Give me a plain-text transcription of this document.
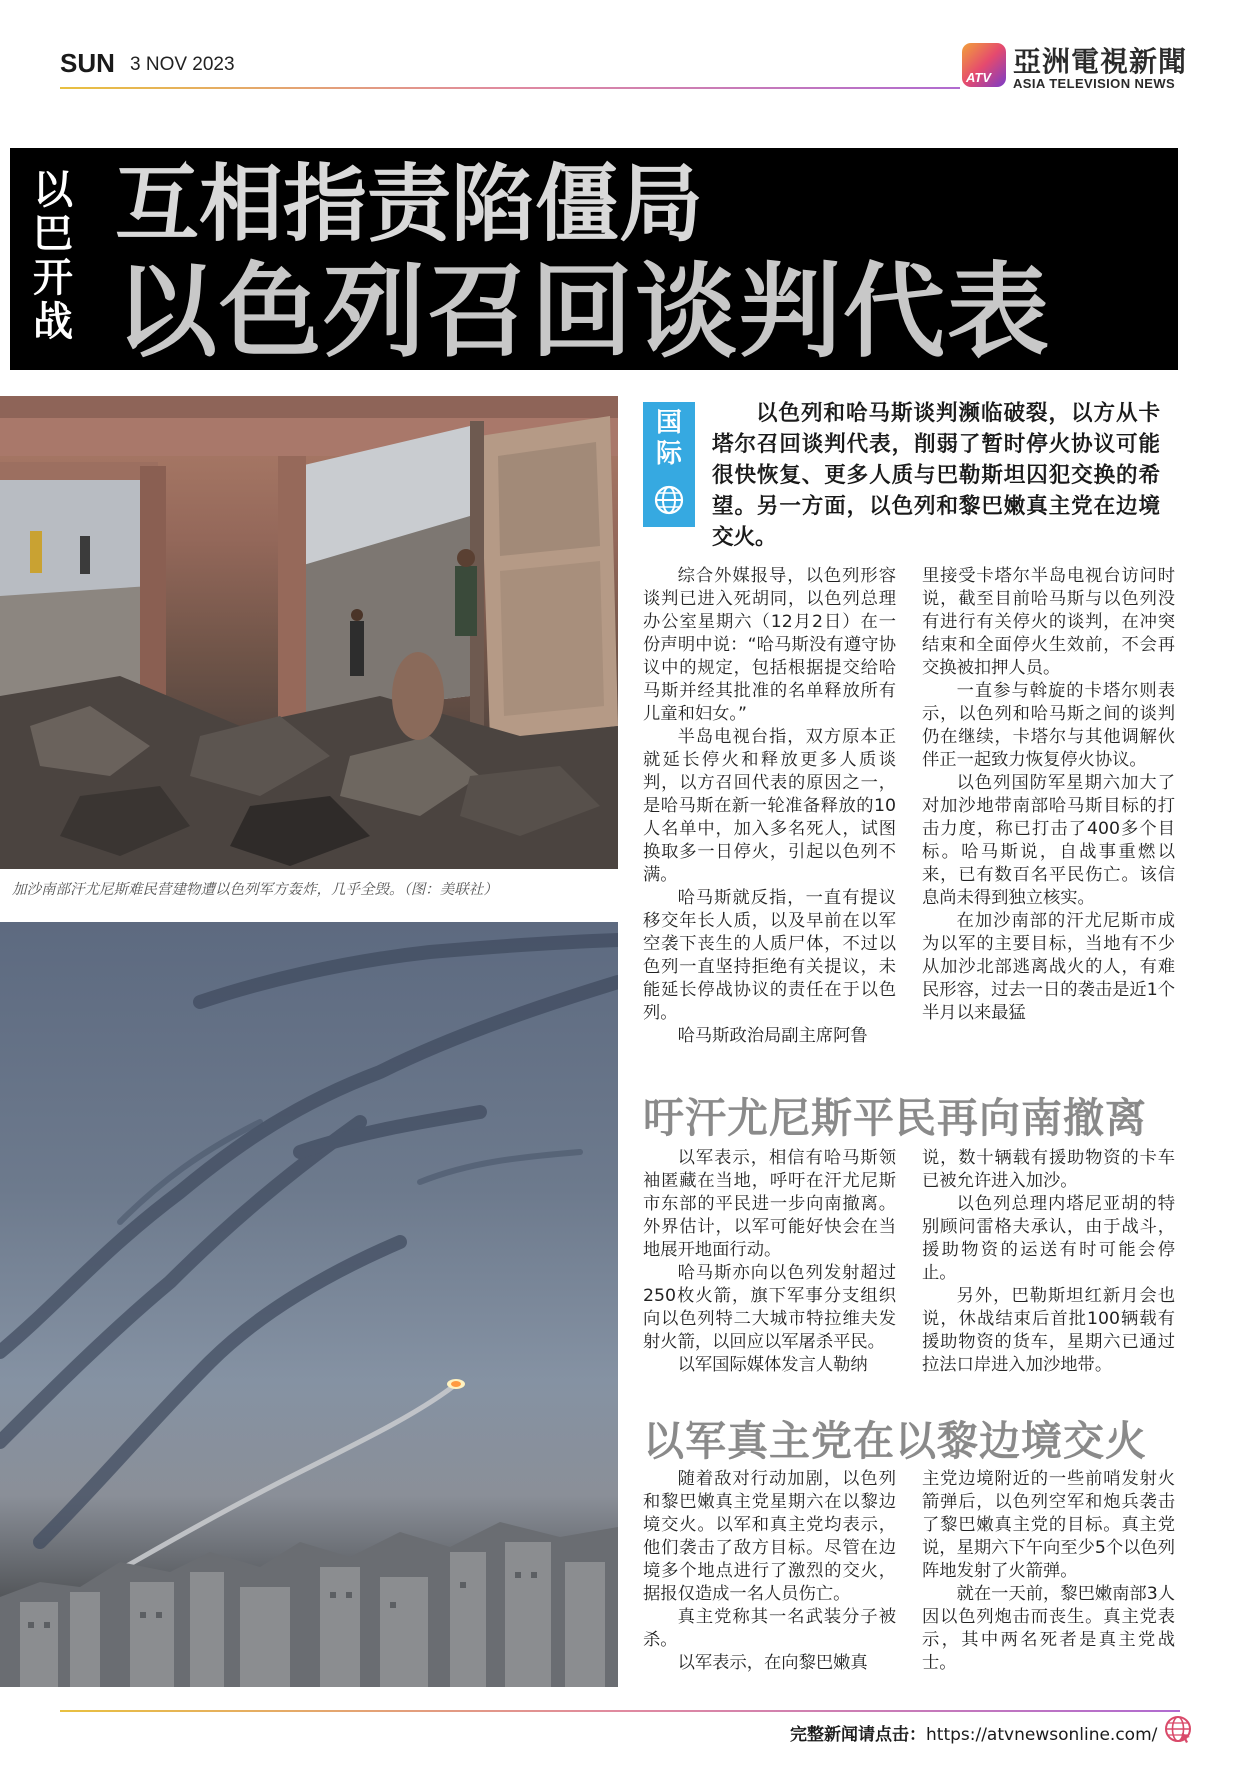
SUN 3 NOV 2023
ATV 亞洲電視新聞
ASIA TELEVISION NEWS
以
巴
开
战
互相指责陷僵局
以色列召回谈判代表
加沙南部汗尤尼斯难民营建物遭以色列军方轰炸，几乎全毁。（图：美联社）
国
际
以色列和哈马斯谈判濒临破裂，以方从卡塔尔召回谈判代表，削弱了暂时停火协议可能很快恢复、更多人质与巴勒斯坦囚犯交换的希望。另一方面，以色列和黎巴嫩真主党在边境交火。

综合外媒报导，以色列形容谈判已进入死胡同，以色列总理办公室星期六（12月2日）在一份声明中说：“哈马斯没有遵守协议中的规定，包括根据提交给哈马斯并经其批准的名单释放所有儿童和妇女。”

半岛电视台指，双方原本正就延长停火和释放更多人质谈判，以方召回代表的原因之一，是哈马斯在新一轮准备释放的10人名单中，加入多名死人，试图换取多一日停火，引起以色列不满。

哈马斯就反指，一直有提议移交年长人质，以及早前在以军空袭下丧生的人质尸体，不过以色列一直坚持拒绝有关提议，未能延长停战协议的责任在于以色列。

哈马斯政治局副主席阿鲁

里接受卡塔尔半岛电视台访问时说，截至目前哈马斯与以色列没有进行有关停火的谈判，在冲突结束和全面停火生效前，不会再交换被扣押人员。

一直参与斡旋的卡塔尔则表示，以色列和哈马斯之间的谈判仍在继续，卡塔尔与其他调解伙伴正一起致力恢复停火协议。

以色列国防军星期六加大了对加沙地带南部哈马斯目标的打击力度，称已打击了400多个目标。哈马斯说，自战事重燃以来，已有数百名平民伤亡。该信息尚未得到独立核实。

在加沙南部的汗尤尼斯市成为以军的主要目标，当地有不少从加沙北部逃离战火的人，有难民形容，过去一日的袭击是近1个半月以来最猛

吁汗尤尼斯平民再向南撤离

以军表示，相信有哈马斯领袖匿藏在当地，呼吁在汗尤尼斯市东部的平民进一步向南撤离。外界估计，以军可能好快会在当地展开地面行动。

哈马斯亦向以色列发射超过250枚火箭，旗下军事分支组织向以色列特二大城市特拉维夫发射火箭，以回应以军屠杀平民。

以军国际媒体发言人勒纳

说，数十辆载有援助物资的卡车已被允许进入加沙。

以色列总理内塔尼亚胡的特别顾问雷格夫承认，由于战斗，援助物资的运送有时可能会停止。

另外，巴勒斯坦红新月会也说，休战结束后首批100辆载有援助物资的货车，星期六已通过拉法口岸进入加沙地带。

以军真主党在以黎边境交火

随着敌对行动加剧，以色列和黎巴嫩真主党星期六在以黎边境交火。以军和真主党均表示，他们袭击了敌方目标。尽管在边境多个地点进行了激烈的交火，据报仅造成一名人员伤亡。

真主党称其一名武装分子被杀。

以军表示，在向黎巴嫩真

主党边境附近的一些前哨发射火箭弹后，以色列空军和炮兵袭击了黎巴嫩真主党的目标。真主党说，星期六下午向至少5个以色列阵地发射了火箭弹。

就在一天前，黎巴嫩南部3人因以色列炮击而丧生。真主党表示，其中两名死者是真主党战士。

完整新闻请点击：https://atvnewsonline.com/
